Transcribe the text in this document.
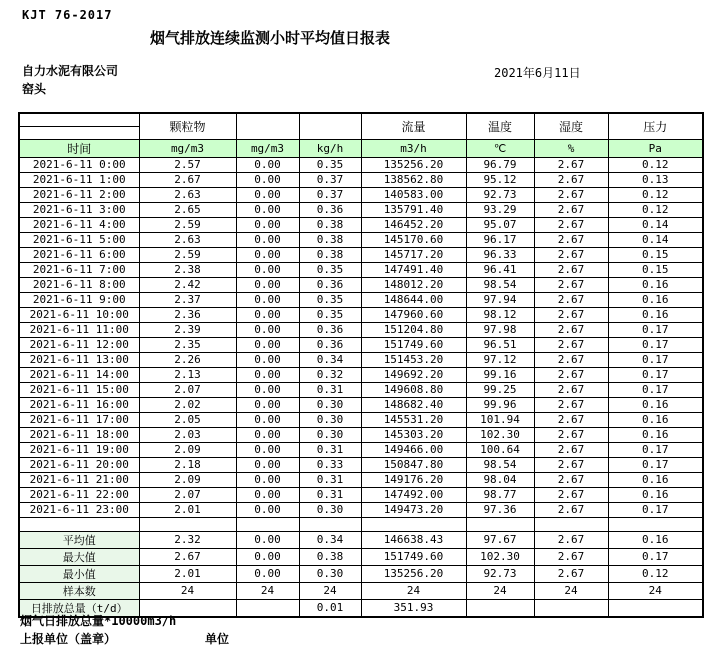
KJT 76-2017
烟气排放连续监测小时平均值日报表
自力水泥有限公司
窑头
2021年6月11日
	颗粒物			流量	温度	湿度	压力

时间	mg/m3	mg/m3	kg/h	m3/h	℃	%	Pa
2021-6-11 0:00	2.57	0.00	0.35	135256.20	96.79	2.67	0.12
2021-6-11 1:00	2.67	0.00	0.37	138562.80	95.12	2.67	0.13
2021-6-11 2:00	2.63	0.00	0.37	140583.00	92.73	2.67	0.12
2021-6-11 3:00	2.65	0.00	0.36	135791.40	93.29	2.67	0.12
2021-6-11 4:00	2.59	0.00	0.38	146452.20	95.07	2.67	0.14
2021-6-11 5:00	2.63	0.00	0.38	145170.60	96.17	2.67	0.14
2021-6-11 6:00	2.59	0.00	0.38	145717.20	96.33	2.67	0.15
2021-6-11 7:00	2.38	0.00	0.35	147491.40	96.41	2.67	0.15
2021-6-11 8:00	2.42	0.00	0.36	148012.20	98.54	2.67	0.16
2021-6-11 9:00	2.37	0.00	0.35	148644.00	97.94	2.67	0.16
2021-6-11 10:00	2.36	0.00	0.35	147960.60	98.12	2.67	0.16
2021-6-11 11:00	2.39	0.00	0.36	151204.80	97.98	2.67	0.17
2021-6-11 12:00	2.35	0.00	0.36	151749.60	96.51	2.67	0.17
2021-6-11 13:00	2.26	0.00	0.34	151453.20	97.12	2.67	0.17
2021-6-11 14:00	2.13	0.00	0.32	149692.20	99.16	2.67	0.17
2021-6-11 15:00	2.07	0.00	0.31	149608.80	99.25	2.67	0.17
2021-6-11 16:00	2.02	0.00	0.30	148682.40	99.96	2.67	0.16
2021-6-11 17:00	2.05	0.00	0.30	145531.20	101.94	2.67	0.16
2021-6-11 18:00	2.03	0.00	0.30	145303.20	102.30	2.67	0.16
2021-6-11 19:00	2.09	0.00	0.31	149466.00	100.64	2.67	0.17
2021-6-11 20:00	2.18	0.00	0.33	150847.80	98.54	2.67	0.17
2021-6-11 21:00	2.09	0.00	0.31	149176.20	98.04	2.67	0.16
2021-6-11 22:00	2.07	0.00	0.31	147492.00	98.77	2.67	0.16
2021-6-11 23:00	2.01	0.00	0.30	149473.20	97.36	2.67	0.17

平均值	2.32	0.00	0.34	146638.43	97.67	2.67	0.16
最大值	2.67	0.00	0.38	151749.60	102.30	2.67	0.17
最小值	2.01	0.00	0.30	135256.20	92.73	2.67	0.12
样本数	24	24	24	24	24	24	24
日排放总量（t/d）			0.01	351.93			
烟气日排放总量*10000m3/h
上报单位（盖章）	单位
